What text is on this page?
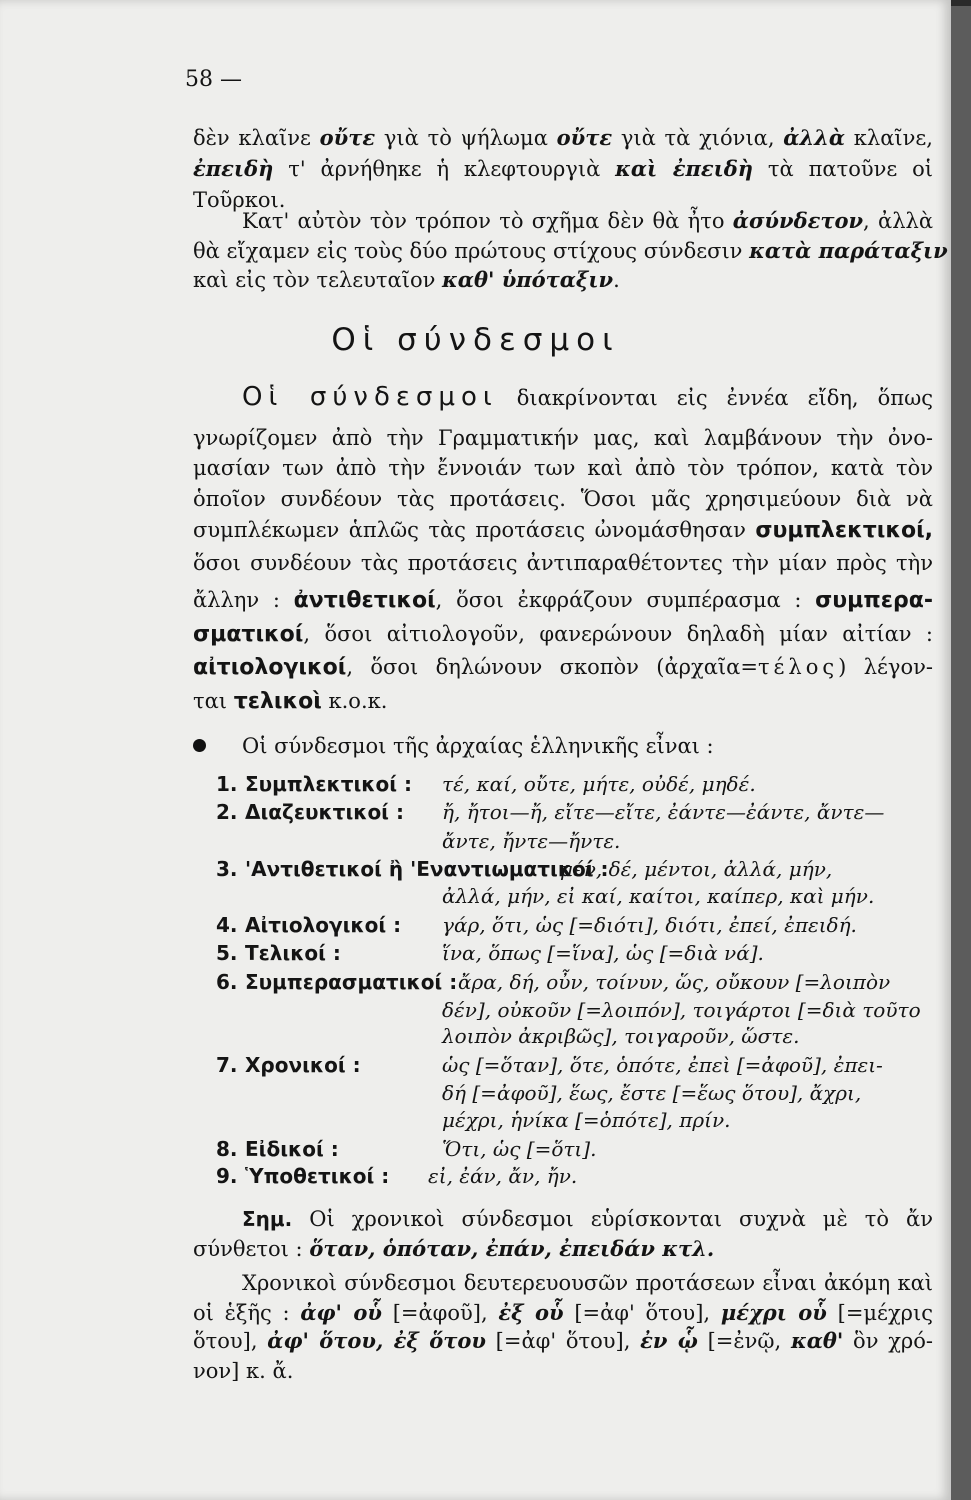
58 —
δὲν κλαῖνε οὔτε γιὰ τὸ ψήλωμα οὔτε γιὰ τὰ χιόνια, ἀλλὰ κλαῖνε,
ἐπειδὴ τ' ἀρνήθηκε ἡ κλεφτουργιὰ καὶ ἐπειδὴ τὰ πατοῦνε οἱ
Τοῦρκοι.
Κατ' αὐτὸν τὸν τρόπον τὸ σχῆμα δὲν θὰ ἦτο ἀσύνδετον, ἀλλὰ
θὰ εἴχαμεν εἰς τοὺς δύο πρώτους στίχους σύνδεσιν κατὰ παράταξιν
καὶ εἰς τὸν τελευταῖον καθ' ὑπόταξιν.
Οἱ σύνδεσμοι
Οἱ σύνδεσμοι διακρίνονται εἰς ἐννέα εἴδη, ὅπως
γνωρίζομεν ἀπὸ τὴν Γραμματικήν μας, καὶ λαμβάνουν τὴν ὀνο-
μασίαν των ἀπὸ τὴν ἔννοιάν των καὶ ἀπὸ τὸν τρόπον, κατὰ τὸν
ὁποῖον συνδέουν τὰς προτάσεις. Ὅσοι μᾶς χρησιμεύουν διὰ νὰ
συμπλέκωμεν ἁπλῶς τὰς προτάσεις ὠνομάσθησαν συμπλεκτικοί,
ὅσοι συνδέουν τὰς προτάσεις ἀντιπαραθέτοντες τὴν μίαν πρὸς τὴν
ἄλλην : ἀντιθετικοί, ὅσοι ἐκφράζουν συμπέρασμα : συμπερα-
σματικοί, ὅσοι αἰτιολογοῦν, φανερώνουν δηλαδὴ μίαν αἰτίαν :
αἰτιολογικοί, ὅσοι δηλώνουν σκοπὸν (ἀρχαῖα=τέλος) λέγον-
ται τελικοὶ κ.ο.κ.
Οἱ σύνδεσμοι τῆς ἀρχαίας ἑλληνικῆς εἶναι :
1. Συμπλεκτικοί : τέ, καί, οὔτε, μήτε, οὐδέ, μηδέ.
2. Διαζευκτικοί : ἤ, ἤτοι—ἤ, εἴτε—εἴτε, ἐάντε—ἐάντε, ἄντε—
ἄντε, ἤντε—ἤντε.
3. 'Αντιθετικοί ἢ 'Εναντιωματικοί :
μέν, δέ, μέντοι, ἀλλά, μήν,
ἀλλά, μήν, εἰ καί, καίτοι, καίπερ, καὶ μήν.
4. Αἰτιολογικοί : γάρ, ὅτι, ὡς [=διότι], διότι, ἐπεί, ἐπειδή.
5. Τελικοί :	ἵνα, ὅπως [=ἵνα], ὡς [=διὰ νά].
6. Συμπερασματικοί : ἄρα, δή, οὖν, τοίνυν, ὥς, οὔκουν [=λοιπὸν
δέν], οὐκοῦν [=λοιπόν], τοιγάρτοι [=διὰ τοῦτο
λοιπὸν ἀκριβῶς], τοιγαροῦν, ὥστε.
7. Χρονικοί :	ὡς [=ὅταν], ὅτε, ὁπότε, ἐπεὶ [=ἀφοῦ], ἐπει-
δή [=ἀφοῦ], ἕως, ἔστε [=ἕως ὅτου], ἄχρι,
μέχρι, ἡνίκα [=ὁπότε], πρίν.
8. Εἰδικοί :	Ὅτι, ὡς [=ὅτι].
9. Ὑποθετικοί : εἰ, ἐάν, ἄν, ἤν.
Σημ. Οἱ χρονικοὶ σύνδεσμοι εὑρίσκονται συχνὰ μὲ τὸ ἄν
σύνθετοι : ὅταν, ὁπόταν, ἐπάν, ἐπειδάν κτλ.
Χρονικοὶ σύνδεσμοι δευτερευουσῶν προτάσεων εἶναι ἀκόμη καὶ
οἱ ἑξῆς : ἀφ' οὗ [=ἀφοῦ], ἐξ οὗ [=ἀφ' ὅτου], μέχρι οὗ [=μέχρις
ὅτου], ἀφ' ὅτου, ἐξ ὅτου [=ἀφ' ὅτου], ἐν ᾧ [=ἐνῷ, καθ' ὃν χρό-
νον] κ. ἄ.
